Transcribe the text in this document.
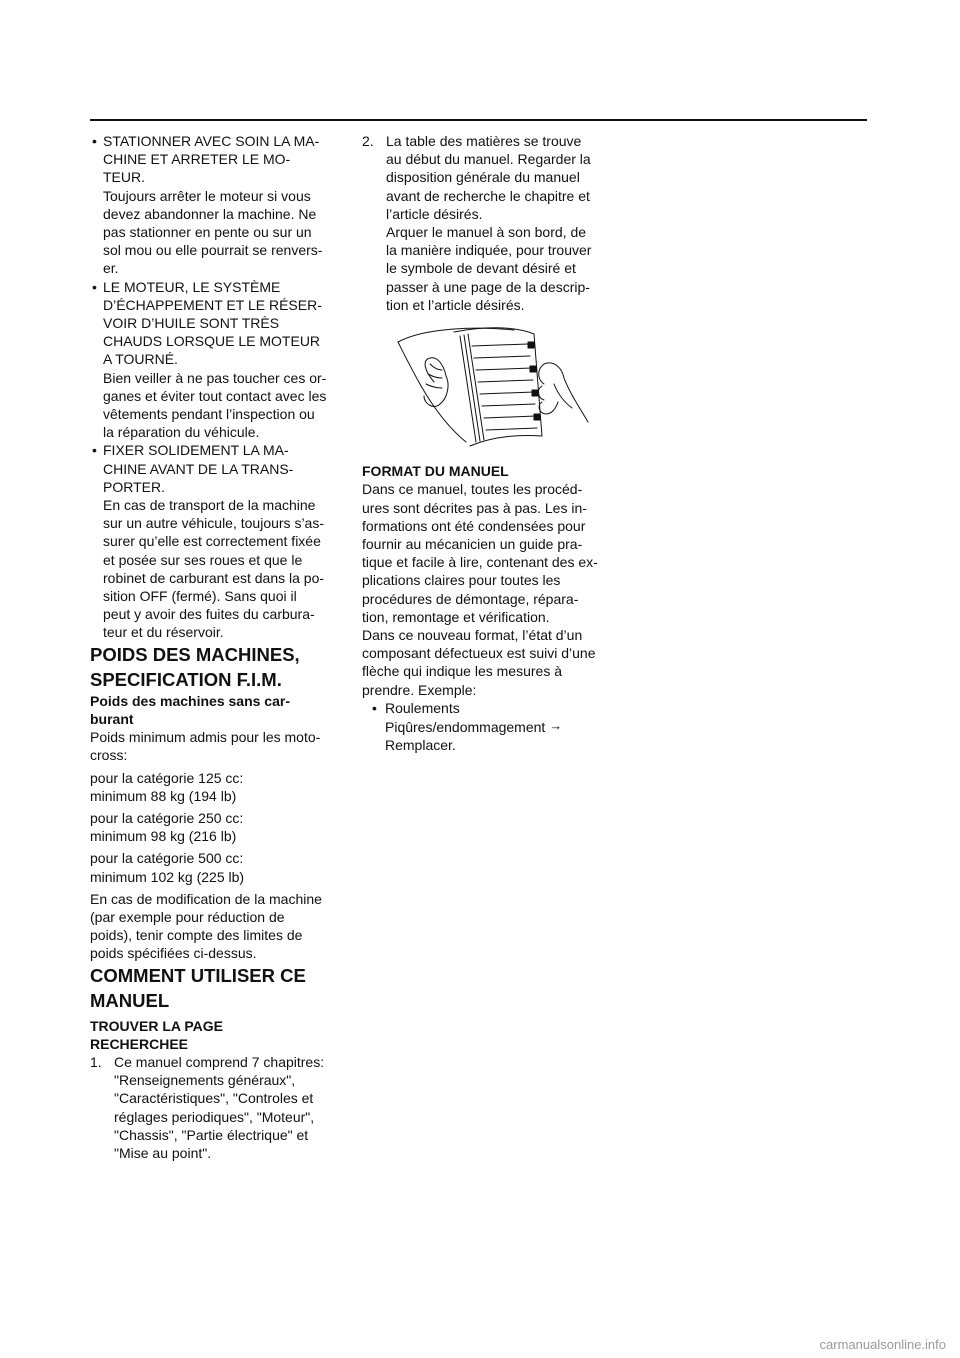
• STATIONNER AVEC SOIN LA MA-
CHINE ET ARRETER LE MO-
TEUR.
Toujours arrêter le moteur si vous
devez abandonner la machine. Ne
pas stationner en pente ou sur un
sol mou ou elle pourrait se renvers-
er.
• LE MOTEUR, LE SYSTÈME
D’ÉCHAPPEMENT ET LE RÉSER-
VOIR D’HUILE SONT TRÈS
CHAUDS LORSQUE LE MOTEUR
A TOURNÉ.
Bien veiller à ne pas toucher ces or-
ganes et éviter tout contact avec les
vêtements pendant l’inspection ou
la réparation du véhicule.
• FIXER SOLIDEMENT LA MA-
CHINE AVANT DE LA TRANS-
PORTER.
En cas de transport de la machine
sur un autre véhicule, toujours s’as-
surer qu’elle est correctement fixée
et posée sur ses roues et que le
robinet de carburant est dans la po-
sition OFF (fermé). Sans quoi il
peut y avoir des fuites du carbura-
teur et du réservoir.
POIDS DES MACHINES,
SPECIFICATION F.I.M.
Poids des machines sans car-
burant
Poids minimum admis pour les moto-
cross:
pour la catégorie 125 cc:
minimum 88 kg (194 lb)
pour la catégorie 250 cc:
minimum 98 kg (216 lb)
pour la catégorie 500 cc:
minimum 102 kg (225 lb)
En cas de modification de la machine
(par exemple pour réduction de
poids), tenir compte des limites de
poids spécifiées ci-dessus.
COMMENT UTILISER CE
MANUEL
TROUVER LA PAGE
RECHERCHEE
1. Ce manuel comprend 7 chapitres:
"Renseignements généraux",
"Caractéristiques", "Controles et
réglages periodiques", "Moteur",
"Chassis", "Partie électrique" et
"Mise au point".
2. La table des matières se trouve
au début du manuel. Regarder la
disposition générale du manuel
avant de recherche le chapitre et
l’article désirés.
Arquer le manuel à son bord, de
la manière indiquée, pour trouver
le symbole de devant désiré et
passer à une page de la descrip-
tion et l’article désirés.
FORMAT DU MANUEL
Dans ce manuel, toutes les procéd-
ures sont décrites pas à pas. Les in-
formations ont été condensées pour
fournir au mécanicien un guide pra-
tique et facile à lire, contenant des ex-
plications claires pour toutes les
procédures de démontage, répara-
tion, remontage et vérification.
Dans ce nouveau format, l’état d’un
composant défectueux est suivi d’une
flèche qui indique les mesures à
prendre. Exemple:
• Roulements
Piqûres/endommagement →
Remplacer.
carmanualsonline.info
